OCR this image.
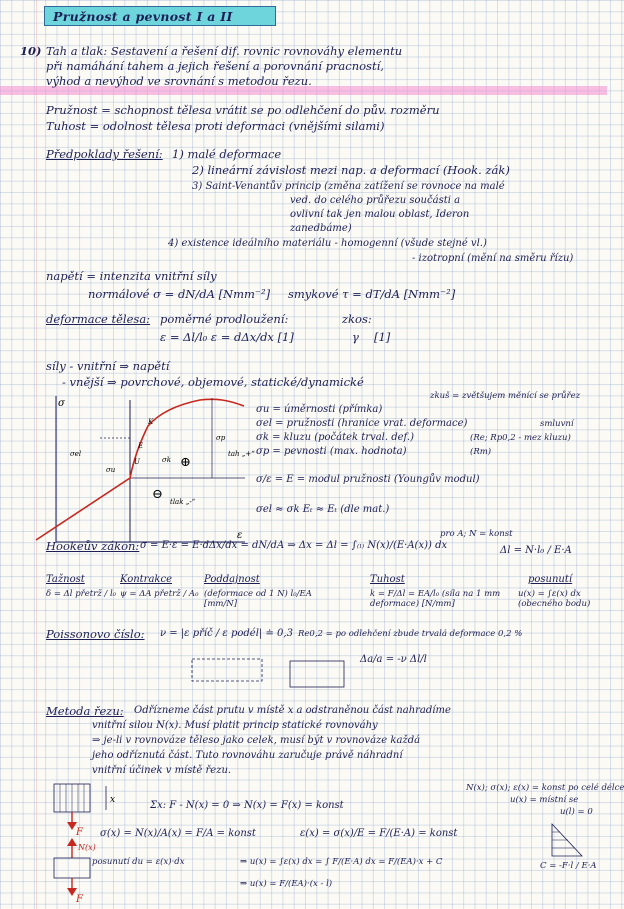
Pružnost a pevnost I a II
10) Tah a tlak: Sestavení a řešení dif. rovnic rovnováhy elementu
při namáhání tahem a jejich řešení a porovnání pracností,
výhod a nevýhod ve srovnání s metodou řezu.
Pružnost = schopnost tělesa vrátit se po odlehčení do pův. rozměru
Tuhost = odolnost tělesa proti deformaci (vnějšími silami)
Předpoklady řešení: 1) malé deformace
2) lineární závislost mezi nap. a deformací (Hook. zák)
3) Saint-Venantův princip (změna zatížení se rovnoce na malé
ved. do celého průřezu součásti a
ovlivní tak jen malou oblast, Ideron
zanedbáme)
4) existence ideálního materiálu - homogenní (všude stejné vl.)
- izotropní (mění na směru řízu)
napětí = intenzita vnitřní síly
normálové σ = dN/dA [Nmm⁻²] smykové τ = dT/dA [Nmm⁻²]
deformace tělesa: poměrné prodloužení:
ε = Δl/l₀ ε = dΔx/dx [1]
zkos:
γ [1]
síly - vnitřní ⇒ napětí
- vnější ⇒ povrchové, objemové, statické/dynamické
zkuš = zvětšujem měnící se průřez
σ
ε
K
E
U
σel
σu
σp
σk ⊕
tah „+“
⊖ tlak „-“
σu = úměrnosti (přímka)
σel = pružnosti (hranice vrat. deformace)
σk = kluzu (počátek trval. def.)
σp = pevnosti (max. hodnota)
smluvní
(Re; Rp0,2 - mez kluzu)
(Rm)
σ/ε = E = modul pružnosti (Youngův modul)
σel ≈ σk Eₜ ≈ Eₜ (dle mat.)
Hookeův zákon: σ = E·ε = E·dΔx/dx = dN/dA ⇒ Δx = Δl = ∫₍ₗ₎ N(x)/(E·A(x)) dx
pro A; N = konst
Δl = N·l₀ / E·A
Tažnost
δ = Δl přetrž / l₀
Kontrakce
ψ = ΔA přetrž / A₀
Poddajnost
(deformace od 1 N) l₀/EA [mm/N]
Tuhost
k = F/Δl = EA/l₀ (síla na 1 mm deformace) [N/mm]
posunutí
u(x) = ∫ε(x) dx (obecného bodu)
Poissonovo číslo: ν = |ε příč / ε podél| ≐ 0,3 Re0,2 = po odlehčení zbude trvalá deformace 0,2 %
Δa/a = -ν Δl/l
Metoda řezu: Odřízneme část prutu v místě x a odstraněnou část nahradíme
vnitřní silou N(x). Musí platit princip statické rovnováhy
⇒ je-li v rovnováze těleso jako celek, musí být v rovnováze každá
jeho odříznutá část. Tuto rovnováhu zaručuje právě náhradní
vnitřní účinek v místě řezu.
F
x
N(x)
F
Σx: F - N(x) = 0 ⇒ N(x) = F(x) = konst
N(x); σ(x); ε(x) = konst po celé délce
u(x) = místní se
u(l) = 0
σ(x) = N(x)/A(x) = F/A = konst	ε(x) = σ(x)/E = F/(E·A) = konst
posunutí du = ε(x)·dx	⇒ u(x) = ∫ε(x) dx = ∫ F/(E·A) dx = F/(EA)·x + C
⇒ u(x) = F/(EA)·(x - l)
C = -F·l / E·A
